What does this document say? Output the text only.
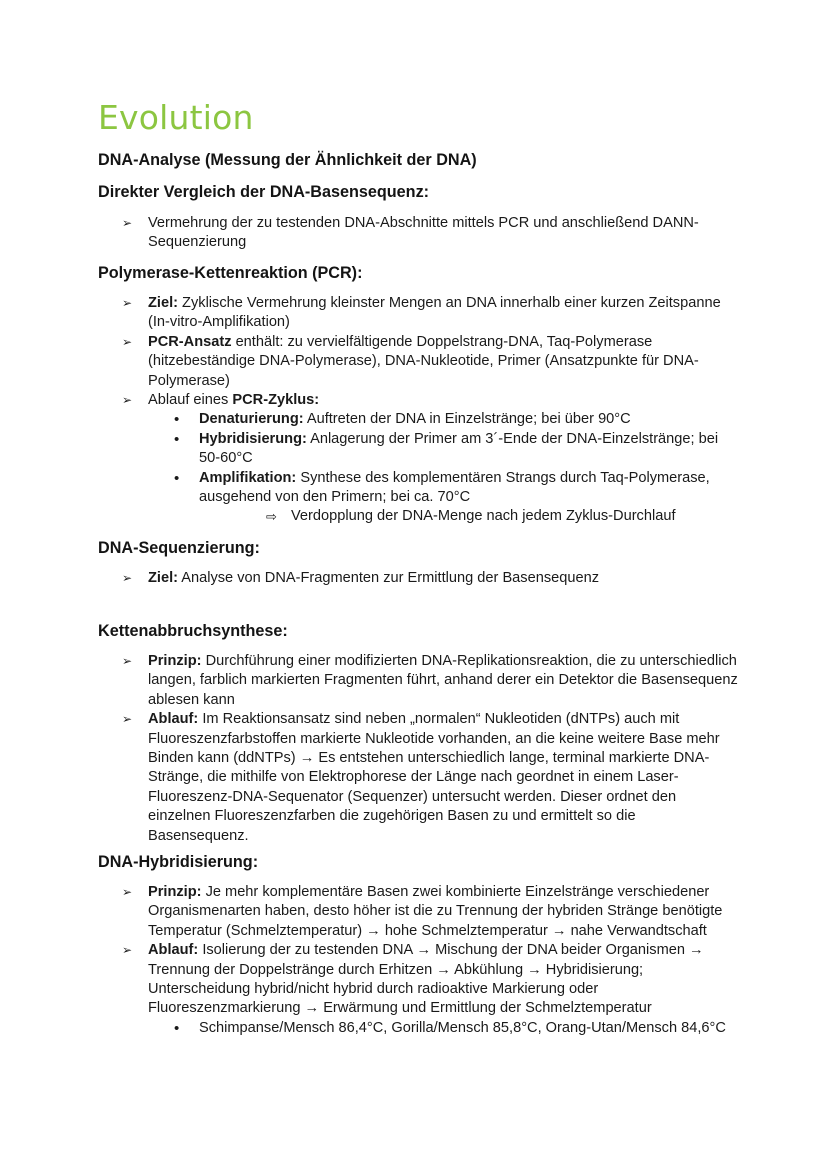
Evolution
DNA-Analyse (Messung der Ähnlichkeit der DNA)
Direkter Vergleich der DNA-Basensequenz:
➢ Vermehrung der zu testenden DNA-Abschnitte mittels PCR und anschließend DANN-Sequenzierung
Polymerase-Kettenreaktion (PCR):
➢ Ziel: Zyklische Vermehrung kleinster Mengen an DNA innerhalb einer kurzen Zeitspanne (In-vitro-Amplifikation)
➢ PCR-Ansatz enthält: zu vervielfältigende Doppelstrang-DNA, Taq-Polymerase (hitzebeständige DNA-Polymerase), DNA-Nukleotide, Primer (Ansatzpunkte für DNA-Polymerase)
➢ Ablauf eines PCR-Zyklus:
• Denaturierung: Auftreten der DNA in Einzelstränge; bei über 90°C
• Hybridisierung: Anlagerung der Primer am 3´-Ende der DNA-Einzelstränge; bei 50-60°C
• Amplifikation: Synthese des komplementären Strangs durch Taq-Polymerase, ausgehend von den Primern; bei ca. 70°C
⇨ Verdopplung der DNA-Menge nach jedem Zyklus-Durchlauf
DNA-Sequenzierung:
➢ Ziel: Analyse von DNA-Fragmenten zur Ermittlung der Basensequenz
Kettenabbruchsynthese:
➢ Prinzip: Durchführung einer modifizierten DNA-Replikationsreaktion, die zu unterschiedlich langen, farblich markierten Fragmenten führt, anhand derer ein Detektor die Basensequenz ablesen kann
➢ Ablauf: Im Reaktionsansatz sind neben „normalen“ Nukleotiden (dNTPs) auch mit Fluoreszenzfarbstoffen markierte Nukleotide vorhanden, an die keine weitere Base mehr Binden kann (ddNTPs) → Es entstehen unterschiedlich lange, terminal markierte DNA-Stränge, die mithilfe von Elektrophorese der Länge nach geordnet in einem Laser-Fluoreszenz-DNA-Sequenator (Sequenzer) untersucht werden. Dieser ordnet den einzelnen Fluoreszenzfarben die zugehörigen Basen zu und ermittelt so die Basensequenz.
DNA-Hybridisierung:
➢ Prinzip: Je mehr komplementäre Basen zwei kombinierte Einzelstränge verschiedener Organismenarten haben, desto höher ist die zu Trennung der hybriden Stränge benötigte Temperatur (Schmelztemperatur) → hohe Schmelztemperatur → nahe Verwandtschaft
➢ Ablauf: Isolierung der zu testenden DNA → Mischung der DNA beider Organismen → Trennung der Doppelstränge durch Erhitzen → Abkühlung → Hybridisierung; Unterscheidung hybrid/nicht hybrid durch radioaktive Markierung oder Fluoreszenzmarkierung → Erwärmung und Ermittlung der Schmelztemperatur
• Schimpanse/Mensch 86,4°C, Gorilla/Mensch 85,8°C, Orang-Utan/Mensch 84,6°C
